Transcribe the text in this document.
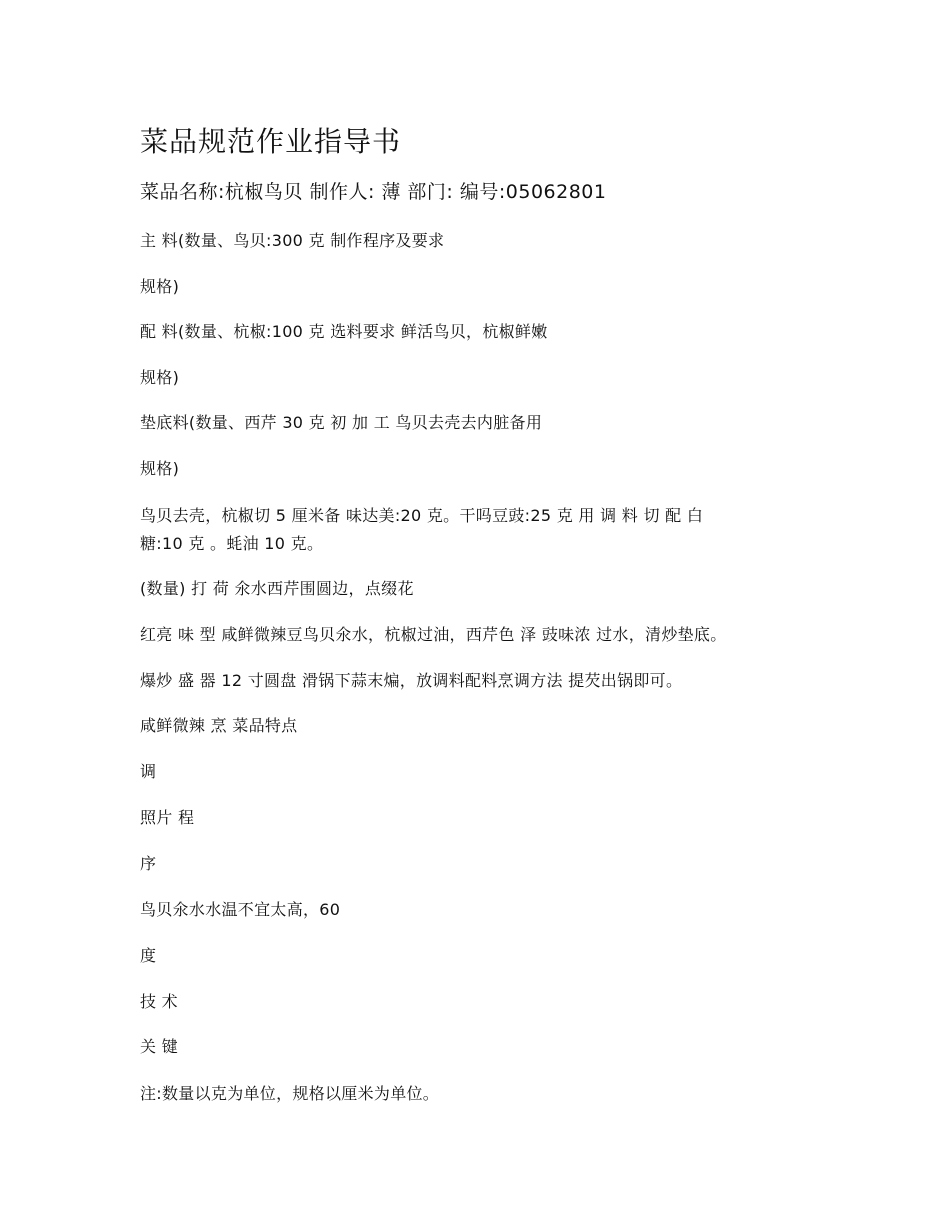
菜品规范作业指导书

菜品名称:杭椒鸟贝 制作人: 薄 部门: 编号:05062801

主 料(数量、鸟贝:300 克 制作程序及要求

规格)

配 料(数量、杭椒:100 克 选料要求 鲜活鸟贝，杭椒鲜嫩

规格)

垫底料(数量、西芹 30 克 初 加 工 鸟贝去壳去内脏备用

规格)

鸟贝去壳，杭椒切 5 厘米备 味达美:20 克。干吗豆豉:25 克 用 调 料 切 配 白
糖:10 克 。蚝油 10 克。

(数量) 打 荷 氽水西芹围圆边，点缀花

红亮 味 型 咸鲜微辣豆鸟贝氽水，杭椒过油，西芹色 泽 豉味浓 过水，清炒垫底。

爆炒 盛 器 12 寸圆盘 滑锅下蒜末煸，放调料配料烹调方法 提芡出锅即可。

咸鲜微辣 烹 菜品特点

调

照片 程

序

鸟贝氽水水温不宜太高，60

度

技 术

关 键

注:数量以克为单位，规格以厘米为单位。
